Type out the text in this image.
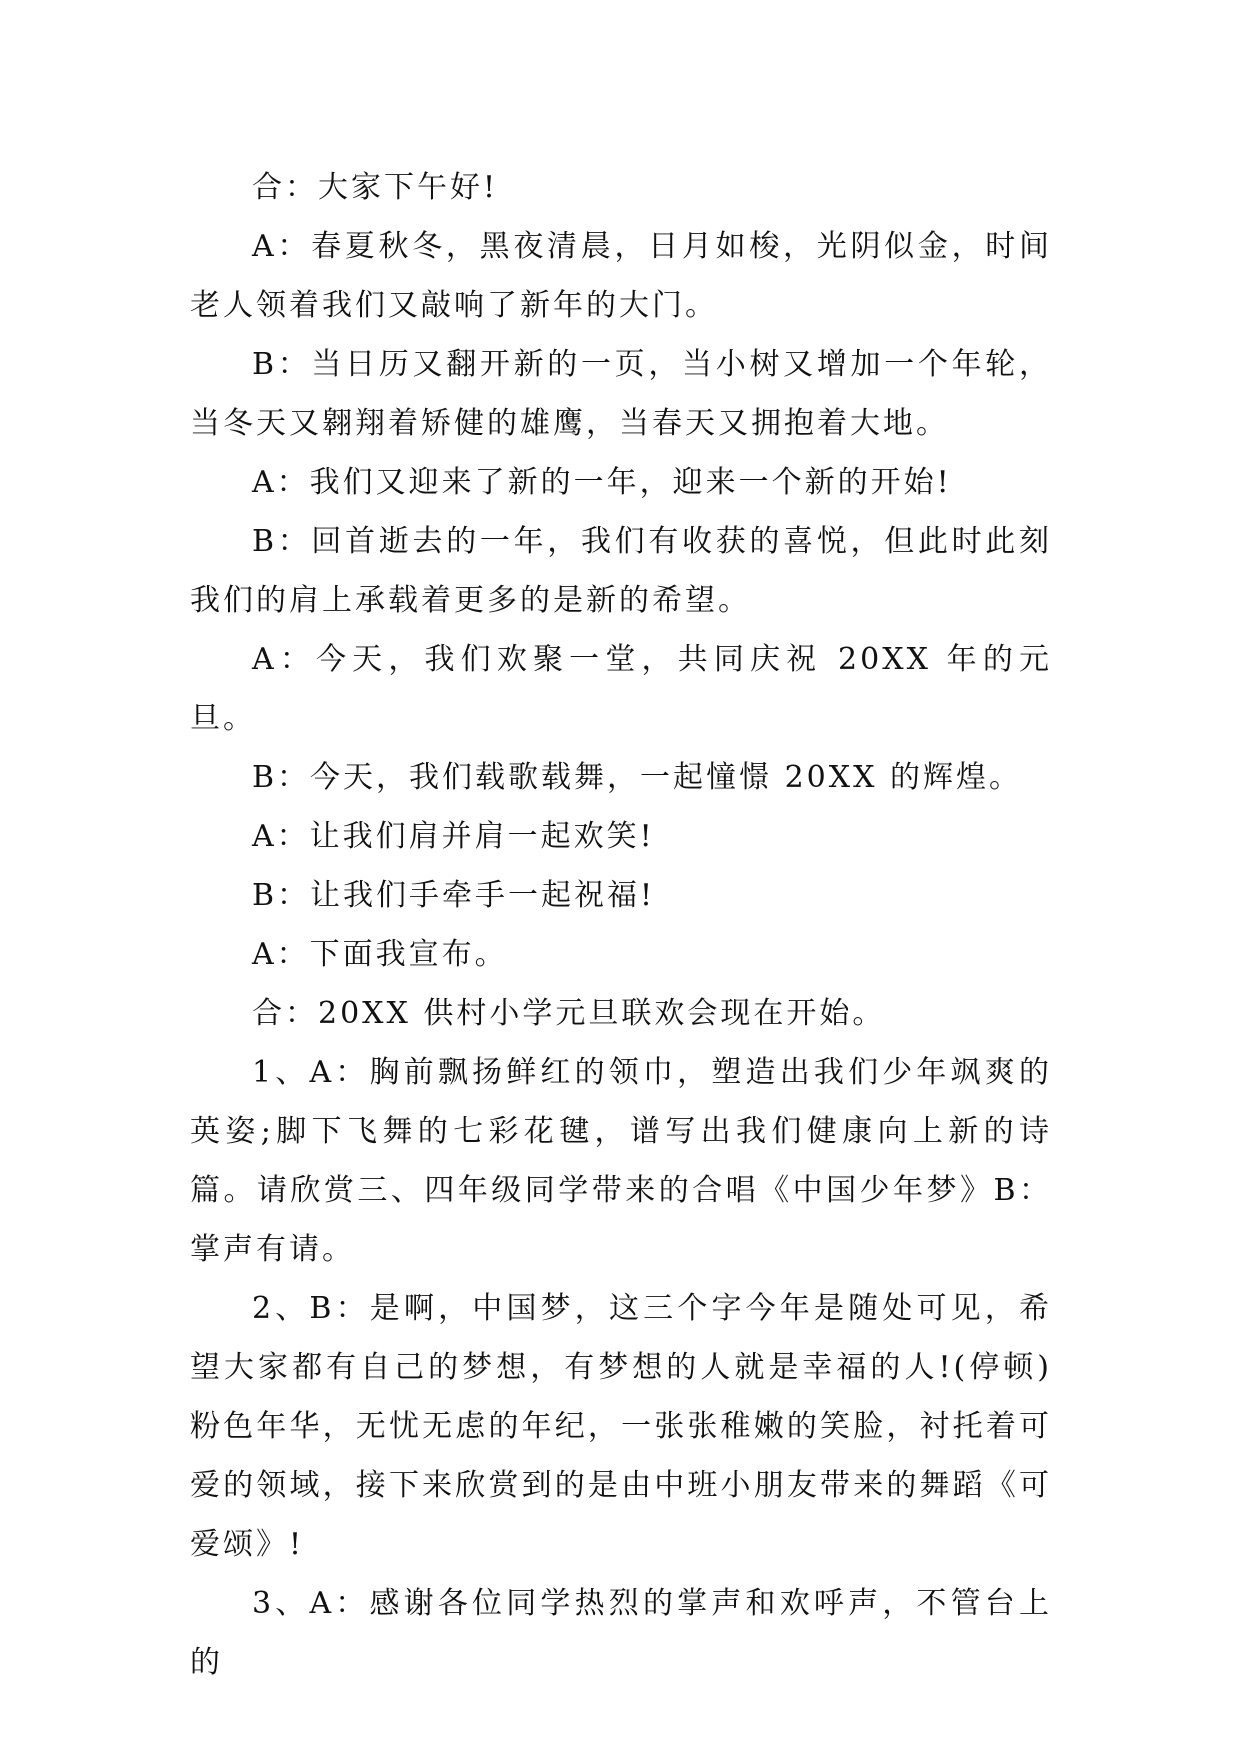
合：大家下午好!

A：春夏秋冬，黑夜清晨，日月如梭，光阴似金，时间老人领着我们又敲响了新年的大门。

B：当日历又翻开新的一页，当小树又增加一个年轮，当冬天又翱翔着矫健的雄鹰，当春天又拥抱着大地。

A：我们又迎来了新的一年，迎来一个新的开始!

B：回首逝去的一年，我们有收获的喜悦，但此时此刻我们的肩上承载着更多的是新的希望。

A：今天，我们欢聚一堂，共同庆祝 20XX 年的元旦。

B：今天，我们载歌载舞，一起憧憬 20XX 的辉煌。

A：让我们肩并肩一起欢笑!

B：让我们手牵手一起祝福!

A：下面我宣布。

合：20XX 供村小学元旦联欢会现在开始。

1、A：胸前飘扬鲜红的领巾，塑造出我们少年飒爽的英姿;脚下飞舞的七彩花毽，谱写出我们健康向上新的诗篇。请欣赏三、四年级同学带来的合唱《中国少年梦》B：掌声有请。

2、B：是啊，中国梦，这三个字今年是随处可见，希望大家都有自己的梦想，有梦想的人就是幸福的人!(停顿)粉色年华，无忧无虑的年纪，一张张稚嫩的笑脸，衬托着可爱的领域，接下来欣赏到的是由中班小朋友带来的舞蹈《可爱颂》!

3、A：感谢各位同学热烈的掌声和欢呼声，不管台上的
